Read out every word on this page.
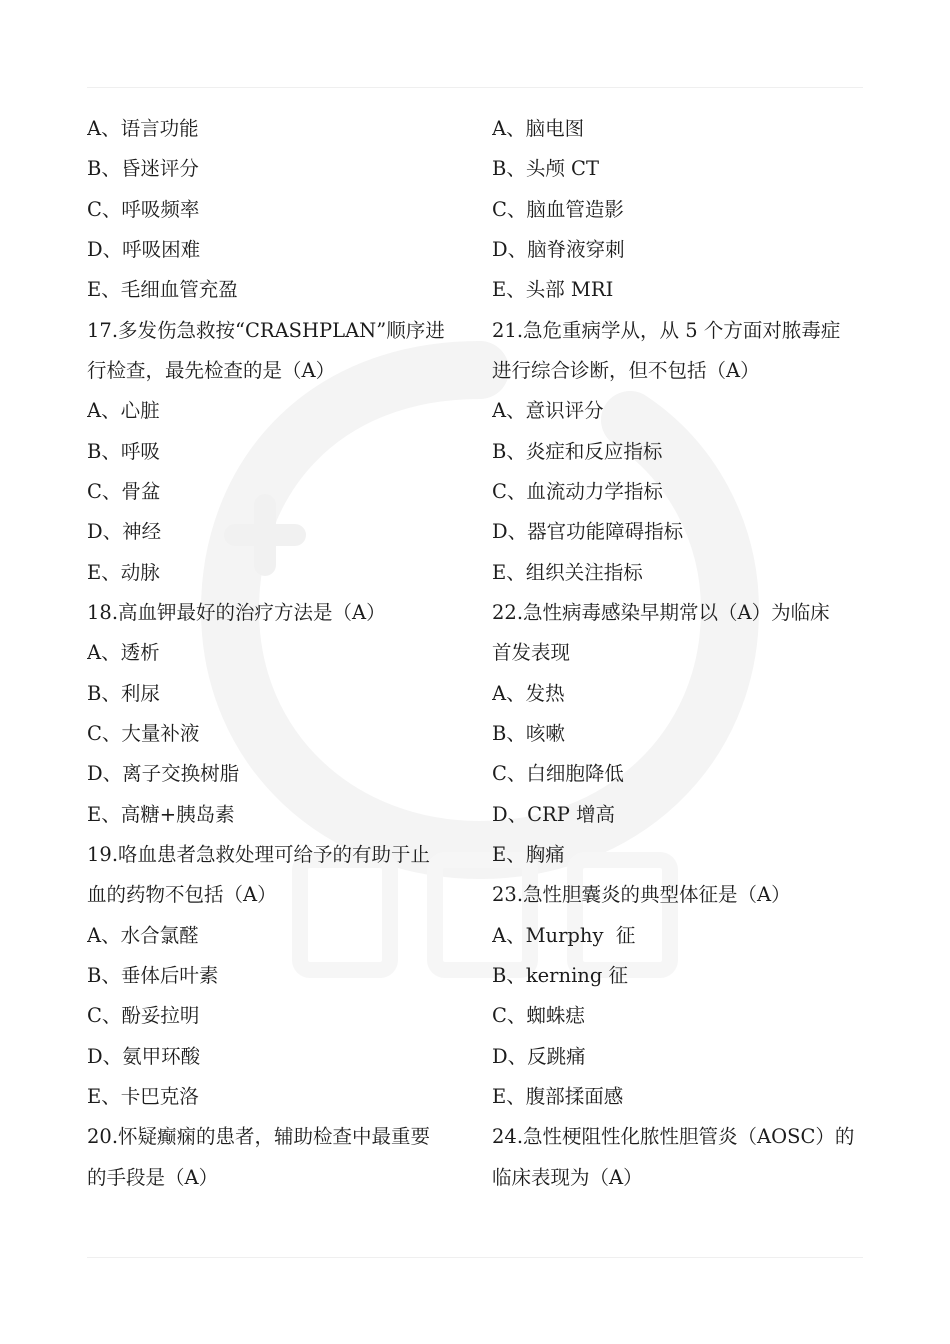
A、语言功能
B、昏迷评分
C、呼吸频率
D、呼吸困难
E、毛细血管充盈
17.多发伤急救按“CRASHPLAN”顺序进
行检查，最先检查的是（A）
A、心脏
B、呼吸
C、骨盆
D、神经
E、动脉
18.高血钾最好的治疗方法是（A）
A、透析
B、利尿
C、大量补液
D、离子交换树脂
E、高糖+胰岛素
19.咯血患者急救处理可给予的有助于止
血的药物不包括（A）
A、水合氯醛
B、垂体后叶素
C、酚妥拉明
D、氨甲环酸
E、卡巴克洛
20.怀疑癫痫的患者，辅助检查中最重要
的手段是（A）
A、脑电图
B、头颅 CT
C、脑血管造影
D、脑脊液穿刺
E、头部 MRI
21.急危重病学从，从 5 个方面对脓毒症
进行综合诊断，但不包括（A）
A、意识评分
B、炎症和反应指标
C、血流动力学指标
D、器官功能障碍指标
E、组织关注指标
22.急性病毒感染早期常以（A）为临床
首发表现
A、发热
B、咳嗽
C、白细胞降低
D、CRP 增高
E、胸痛
23.急性胆囊炎的典型体征是（A）
A、Murphy  征
B、kerning 征
C、蜘蛛痣
D、反跳痛
E、腹部揉面感
24.急性梗阻性化脓性胆管炎（AOSC）的
临床表现为（A）
